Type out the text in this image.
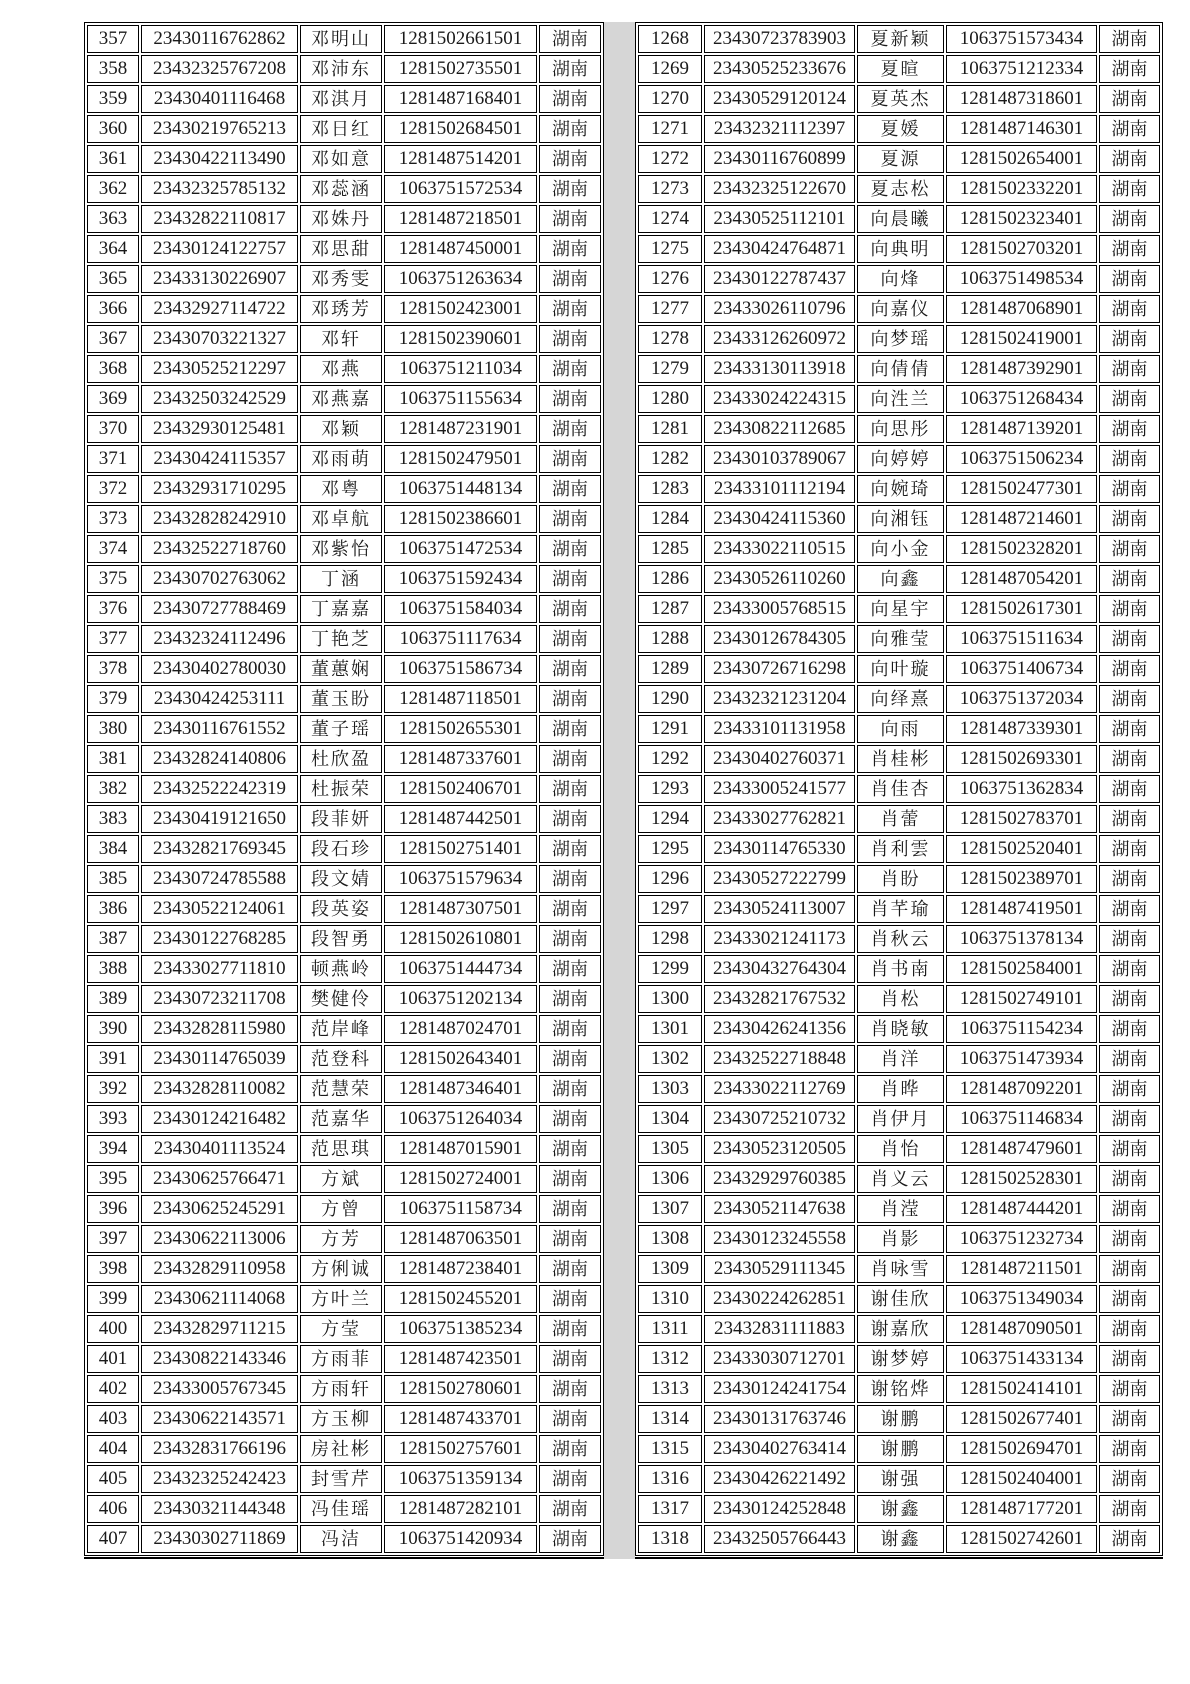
357	23430116762862	邓明山	1281502661501	湖南
358	23432325767208	邓沛东	1281502735501	湖南
359	23430401116468	邓淇月	1281487168401	湖南
360	23430219765213	邓日红	1281502684501	湖南
361	23430422113490	邓如意	1281487514201	湖南
362	23432325785132	邓蕊涵	1063751572534	湖南
363	23432822110817	邓姝丹	1281487218501	湖南
364	23430124122757	邓思甜	1281487450001	湖南
365	23433130226907	邓秀雯	1063751263634	湖南
366	23432927114722	邓琇芳	1281502423001	湖南
367	23430703221327	邓轩	1281502390601	湖南
368	23430525212297	邓燕	1063751211034	湖南
369	23432503242529	邓燕嘉	1063751155634	湖南
370	23432930125481	邓颖	1281487231901	湖南
371	23430424115357	邓雨萌	1281502479501	湖南
372	23432931710295	邓粤	1063751448134	湖南
373	23432828242910	邓卓航	1281502386601	湖南
374	23432522718760	邓紫怡	1063751472534	湖南
375	23430702763062	丁涵	1063751592434	湖南
376	23430727788469	丁嘉嘉	1063751584034	湖南
377	23432324112496	丁艳芝	1063751117634	湖南
378	23430402780030	董蕙娴	1063751586734	湖南
379	23430424253111	董玉盼	1281487118501	湖南
380	23430116761552	董子瑶	1281502655301	湖南
381	23432824140806	杜欣盈	1281487337601	湖南
382	23432522242319	杜振荣	1281502406701	湖南
383	23430419121650	段菲妍	1281487442501	湖南
384	23432821769345	段石珍	1281502751401	湖南
385	23430724785588	段文婧	1063751579634	湖南
386	23430522124061	段英姿	1281487307501	湖南
387	23430122768285	段智勇	1281502610801	湖南
388	23433027711810	顿燕岭	1063751444734	湖南
389	23430723211708	樊健伶	1063751202134	湖南
390	23432828115980	范岸峰	1281487024701	湖南
391	23430114765039	范登科	1281502643401	湖南
392	23432828110082	范慧荣	1281487346401	湖南
393	23430124216482	范嘉华	1063751264034	湖南
394	23430401113524	范思琪	1281487015901	湖南
395	23430625766471	方斌	1281502724001	湖南
396	23430625245291	方曾	1063751158734	湖南
397	23430622113006	方芳	1281487063501	湖南
398	23432829110958	方俐诚	1281487238401	湖南
399	23430621114068	方叶兰	1281502455201	湖南
400	23432829711215	方莹	1063751385234	湖南
401	23430822143346	方雨菲	1281487423501	湖南
402	23433005767345	方雨轩	1281502780601	湖南
403	23430622143571	方玉柳	1281487433701	湖南
404	23432831766196	房社彬	1281502757601	湖南
405	23432325242423	封雪芹	1063751359134	湖南
406	23430321144348	冯佳瑶	1281487282101	湖南
407	23430302711869	冯洁	1063751420934	湖南
1268	23430723783903	夏新颖	1063751573434	湖南
1269	23430525233676	夏暄	1063751212334	湖南
1270	23430529120124	夏英杰	1281487318601	湖南
1271	23432321112397	夏媛	1281487146301	湖南
1272	23430116760899	夏源	1281502654001	湖南
1273	23432325122670	夏志松	1281502332201	湖南
1274	23430525112101	向晨曦	1281502323401	湖南
1275	23430424764871	向典明	1281502703201	湖南
1276	23430122787437	向烽	1063751498534	湖南
1277	23433026110796	向嘉仪	1281487068901	湖南
1278	23433126260972	向梦瑶	1281502419001	湖南
1279	23433130113918	向倩倩	1281487392901	湖南
1280	23433024224315	向泩兰	1063751268434	湖南
1281	23430822112685	向思彤	1281487139201	湖南
1282	23430103789067	向婷婷	1063751506234	湖南
1283	23433101112194	向婉琦	1281502477301	湖南
1284	23430424115360	向湘钰	1281487214601	湖南
1285	23433022110515	向小金	1281502328201	湖南
1286	23430526110260	向鑫	1281487054201	湖南
1287	23433005768515	向星宇	1281502617301	湖南
1288	23430126784305	向雅莹	1063751511634	湖南
1289	23430726716298	向叶璇	1063751406734	湖南
1290	23432321231204	向绎熹	1063751372034	湖南
1291	23433101131958	向雨	1281487339301	湖南
1292	23430402760371	肖桂彬	1281502693301	湖南
1293	23433005241577	肖佳杏	1063751362834	湖南
1294	23433027762821	肖蕾	1281502783701	湖南
1295	23430114765330	肖利雲	1281502520401	湖南
1296	23430527222799	肖盼	1281502389701	湖南
1297	23430524113007	肖芊瑜	1281487419501	湖南
1298	23433021241173	肖秋云	1063751378134	湖南
1299	23430432764304	肖书南	1281502584001	湖南
1300	23432821767532	肖松	1281502749101	湖南
1301	23430426241356	肖晓敏	1063751154234	湖南
1302	23432522718848	肖洋	1063751473934	湖南
1303	23433022112769	肖晔	1281487092201	湖南
1304	23430725210732	肖伊月	1063751146834	湖南
1305	23430523120505	肖怡	1281487479601	湖南
1306	23432929760385	肖义云	1281502528301	湖南
1307	23430521147638	肖滢	1281487444201	湖南
1308	23430123245558	肖影	1063751232734	湖南
1309	23430529111345	肖咏雪	1281487211501	湖南
1310	23430224262851	谢佳欣	1063751349034	湖南
1311	23432831111883	谢嘉欣	1281487090501	湖南
1312	23433030712701	谢梦婷	1063751433134	湖南
1313	23430124241754	谢铭烨	1281502414101	湖南
1314	23430131763746	谢鹏	1281502677401	湖南
1315	23430402763414	谢鹏	1281502694701	湖南
1316	23430426221492	谢强	1281502404001	湖南
1317	23430124252848	谢鑫	1281487177201	湖南
1318	23432505766443	谢鑫	1281502742601	湖南
